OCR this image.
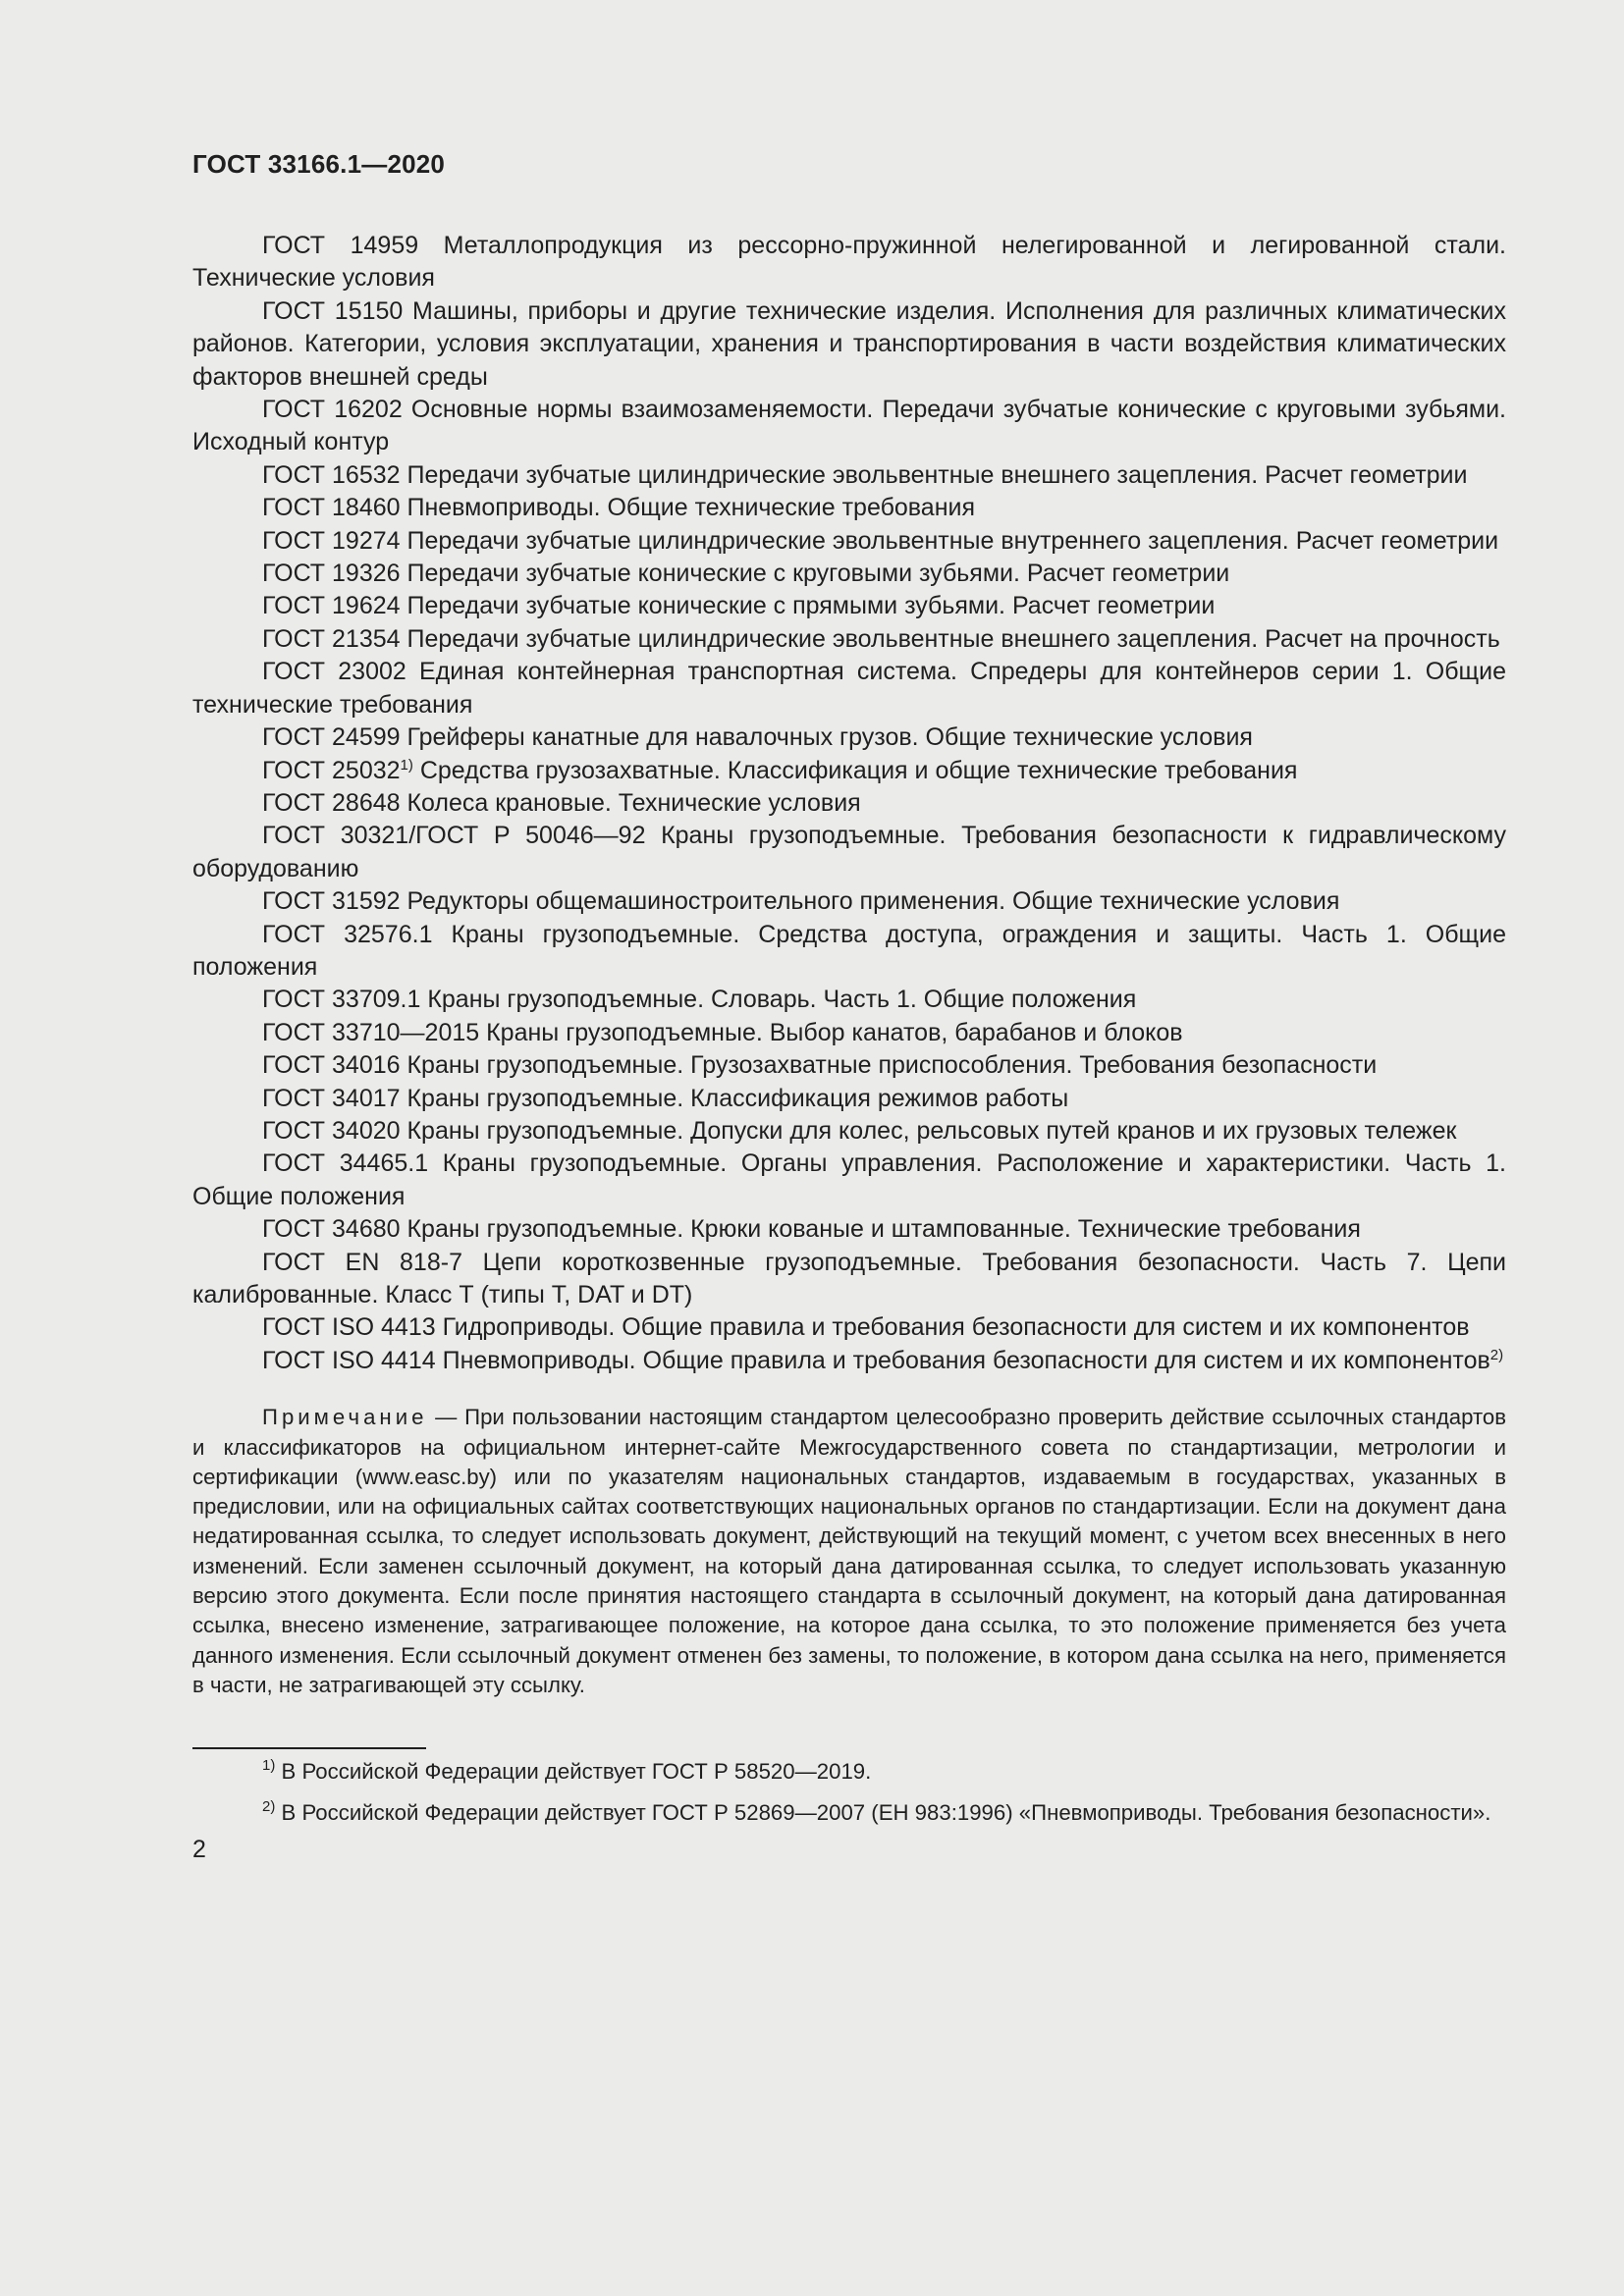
ГОСТ 33166.1—2020

ГОСТ 14959 Металлопродукция из рессорно-пружинной нелегированной и легированной стали. Технические условия

ГОСТ 15150 Машины, приборы и другие технические изделия. Исполнения для различных климатических районов. Категории, условия эксплуатации, хранения и транспортирования в части воздействия климатических факторов внешней среды

ГОСТ 16202 Основные нормы взаимозаменяемости. Передачи зубчатые конические с круговыми зубьями. Исходный контур

ГОСТ 16532 Передачи зубчатые цилиндрические эвольвентные внешнего зацепления. Расчет геометрии

ГОСТ 18460 Пневмоприводы. Общие технические требования

ГОСТ 19274 Передачи зубчатые цилиндрические эвольвентные внутреннего зацепления. Расчет геометрии

ГОСТ 19326 Передачи зубчатые конические с круговыми зубьями. Расчет геометрии

ГОСТ 19624 Передачи зубчатые конические с прямыми зубьями. Расчет геометрии

ГОСТ 21354 Передачи зубчатые цилиндрические эвольвентные внешнего зацепления. Расчет на прочность

ГОСТ 23002 Единая контейнерная транспортная система. Спредеры для контейнеров серии 1. Общие технические требования

ГОСТ 24599 Грейферы канатные для навалочных грузов. Общие технические условия

ГОСТ 25032$^{1)}$ Средства грузозахватные. Классификация и общие технические требования

ГОСТ 28648 Колеса крановые. Технические условия

ГОСТ 30321/ГОСТ Р 50046—92 Краны грузоподъемные. Требования безопасности к гидравлическому оборудованию

ГОСТ 31592 Редукторы общемашиностроительного применения. Общие технические условия

ГОСТ 32576.1 Краны грузоподъемные. Средства доступа, ограждения и защиты. Часть 1. Общие положения

ГОСТ 33709.1 Краны грузоподъемные. Словарь. Часть 1. Общие положения

ГОСТ 33710—2015 Краны грузоподъемные. Выбор канатов, барабанов и блоков

ГОСТ 34016 Краны грузоподъемные. Грузозахватные приспособления. Требования безопасности

ГОСТ 34017 Краны грузоподъемные. Классификация режимов работы

ГОСТ 34020 Краны грузоподъемные. Допуски для колес, рельсовых путей кранов и их грузовых тележек

ГОСТ 34465.1 Краны грузоподъемные. Органы управления. Расположение и характеристики. Часть 1. Общие положения

ГОСТ 34680 Краны грузоподъемные. Крюки кованые и штампованные. Технические требования

ГОСТ EN 818-7 Цепи короткозвенные грузоподъемные. Требования безопасности. Часть 7. Цепи калиброванные. Класс Т (типы Т, DAT и DT)

ГОСТ ISO 4413 Гидроприводы. Общие правила и требования безопасности для систем и их компонентов

ГОСТ ISO 4414 Пневмоприводы. Общие правила и требования безопасности для систем и их компонентов$^{2)}$

Примечание — При пользовании настоящим стандартом целесообразно проверить действие ссылочных стандартов и классификаторов на официальном интернет-сайте Межгосударственного совета по стандартизации, метрологии и сертификации (www.easc.by) или по указателям национальных стандартов, издаваемым в государствах, указанных в предисловии, или на официальных сайтах соответствующих национальных органов по стандартизации. Если на документ дана недатированная ссылка, то следует использовать документ, действующий на текущий момент, с учетом всех внесенных в него изменений. Если заменен ссылочный документ, на который дана датированная ссылка, то следует использовать указанную версию этого документа. Если после принятия настоящего стандарта в ссылочный документ, на который дана датированная ссылка, внесено изменение, затрагивающее положение, на которое дана ссылка, то это положение применяется без учета данного изменения. Если ссылочный документ отменен без замены, то положение, в котором дана ссылка на него, применяется в части, не затрагивающей эту ссылку.
$^{1)}$ В Российской Федерации действует ГОСТ Р 58520—2019.
$^{2)}$ В Российской Федерации действует ГОСТ Р 52869—2007 (ЕН 983:1996) «Пневмоприводы. Требования безопасности».
2
